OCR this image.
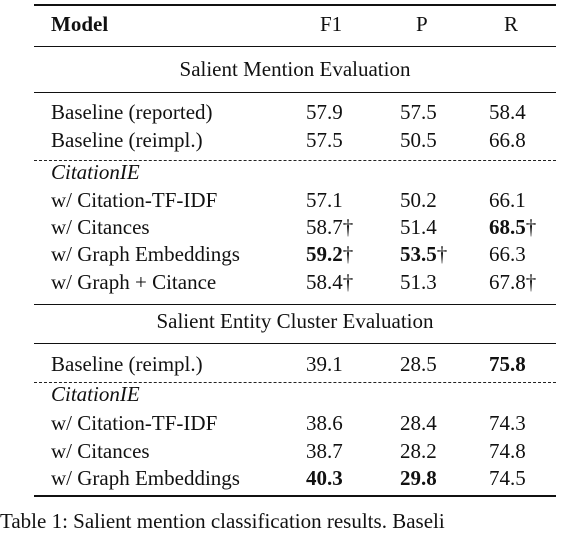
Model	F1	P	R
Salient Mention Evaluation
Baseline (reported)	57.9	57.5 58.4
Baseline (reimpl.)	57.5	50.5 66.8
CitationIE
w/ Citation-TF-IDF	57.1	50.2 66.1
w/ Citances	58.7† 51.4 68.5†
w/ Graph Embeddings	59.2† 53.5† 66.3
w/ Graph + Citance	58.4† 51.3 67.8†
Salient Entity Cluster Evaluation
Baseline (reimpl.)	39.1	28.5 75.8
CitationIE
w/ Citation-TF-IDF	38.6	28.4 74.3
w/ Citances	38.7	28.2 74.8
w/ Graph Embeddings	40.3	29.8 74.5
Table 1: Salient mention classification results. Baseli
